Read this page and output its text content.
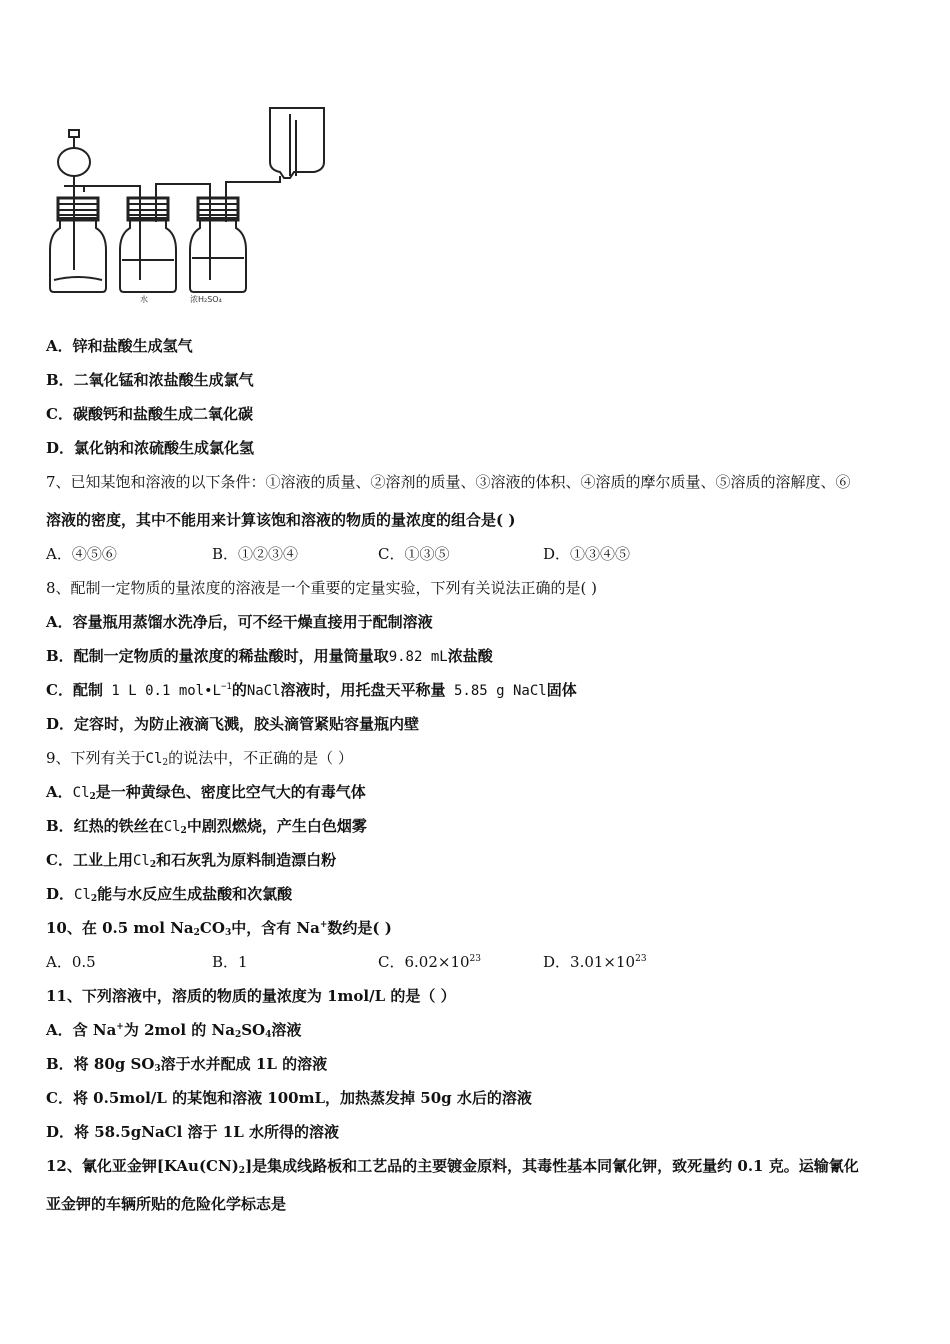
水	浓H₂SO₄
A．锌和盐酸生成氢气
B．二氧化锰和浓盐酸生成氯气
C．碳酸钙和盐酸生成二氧化碳
D．氯化钠和浓硫酸生成氯化氢
7、已知某饱和溶液的以下条件：①溶液的质量、②溶剂的质量、③溶液的体积、④溶质的摩尔质量、⑤溶质的溶解度、⑥
溶液的密度，其中不能用来计算该饱和溶液的物质的量浓度的组合是( )
A．④⑤⑥	B．①②③④	C．①③⑤	D．①③④⑤
8、配制一定物质的量浓度的溶液是一个重要的定量实验，下列有关说法正确的是( )
A．容量瓶用蒸馏水洗净后，可不经干燥直接用于配制溶液
B．配制一定物质的量浓度的稀盐酸时，用量筒量取9.82 mL浓盐酸
C．配制 1 L 0.1 $mol•L^{-1}$的NaCl溶液时，用托盘天平称量 5.85 g NaCl固体
D．定容时，为防止液滴飞溅，胶头滴管紧贴容量瓶内壁
9、下列有关于$Cl_2$的说法中，不正确的是（ ）
A．$Cl_2$是一种黄绿色、密度比空气大的有毒气体
B．红热的铁丝在$Cl_2$中剧烈燃烧，产生白色烟雾
C．工业上用$Cl_2$和石灰乳为原料制造漂白粉
D．$Cl_2$能与水反应生成盐酸和次氯酸
10、在 0.5 mol $Na_2CO_3$中，含有 Na+数约是( )
A．0.5	B．1	C．$6.02\times 10^{23}$	D．$3.01\times 10^{23}$
11、下列溶液中，溶质的物质的量浓度为 1mol/L 的是（ ）
A．含 Na+为 2mol 的 $Na_2SO_4$溶液
B．将 80g $SO_3$溶于水并配成 1L 的溶液
C．将 0.5mol/L 的某饱和溶液 100mL，加热蒸发掉 50g 水后的溶液
D．将 58.5gNaCl 溶于 1L 水所得的溶液
12、氰化亚金钾$[KAu(CN)_2]$是集成线路板和工艺品的主要镀金原料，其毒性基本同氰化钾，致死量约 0.1 克。运输氰化
亚金钾的车辆所贴的危险化学标志是
